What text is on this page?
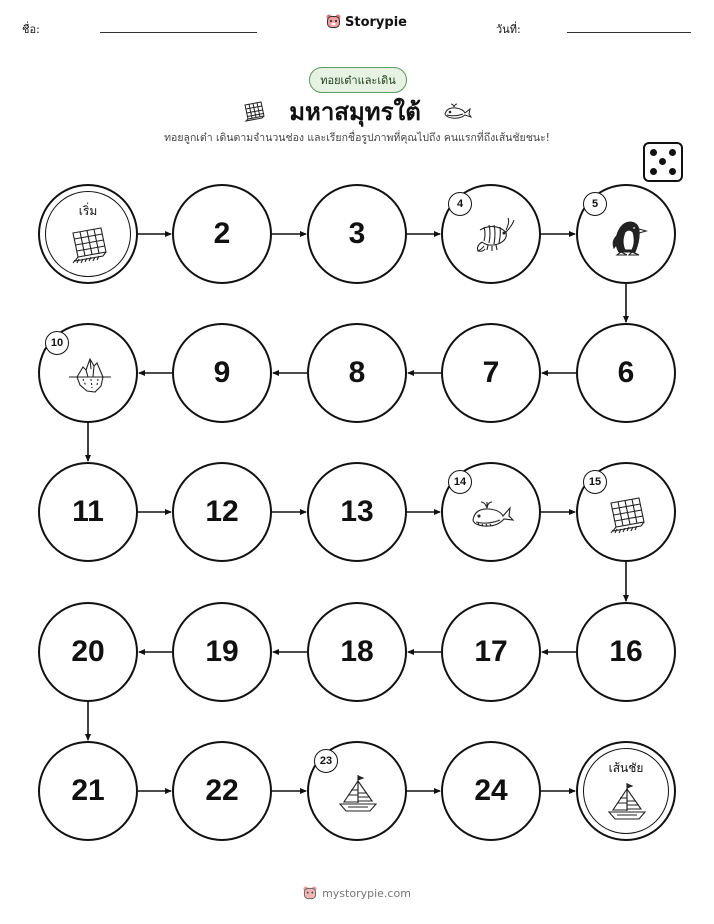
ชื่อ:	Storypie	วันที่:
ทอยเต๋าและเดิน
มหาสมุทรใต้
ทอยลูกเต๋า เดินตามจำนวนช่อง และเรียกชื่อรูปภาพที่คุณไปถึง คนแรกที่ถึงเส้นชัยชนะ!
เริ่ม
2	3
4	5
6
7
8
9
10
11	12	13
14	15
16
17
18
19
20
21	22
23
24
เส้นชัย
mystorypie.com
